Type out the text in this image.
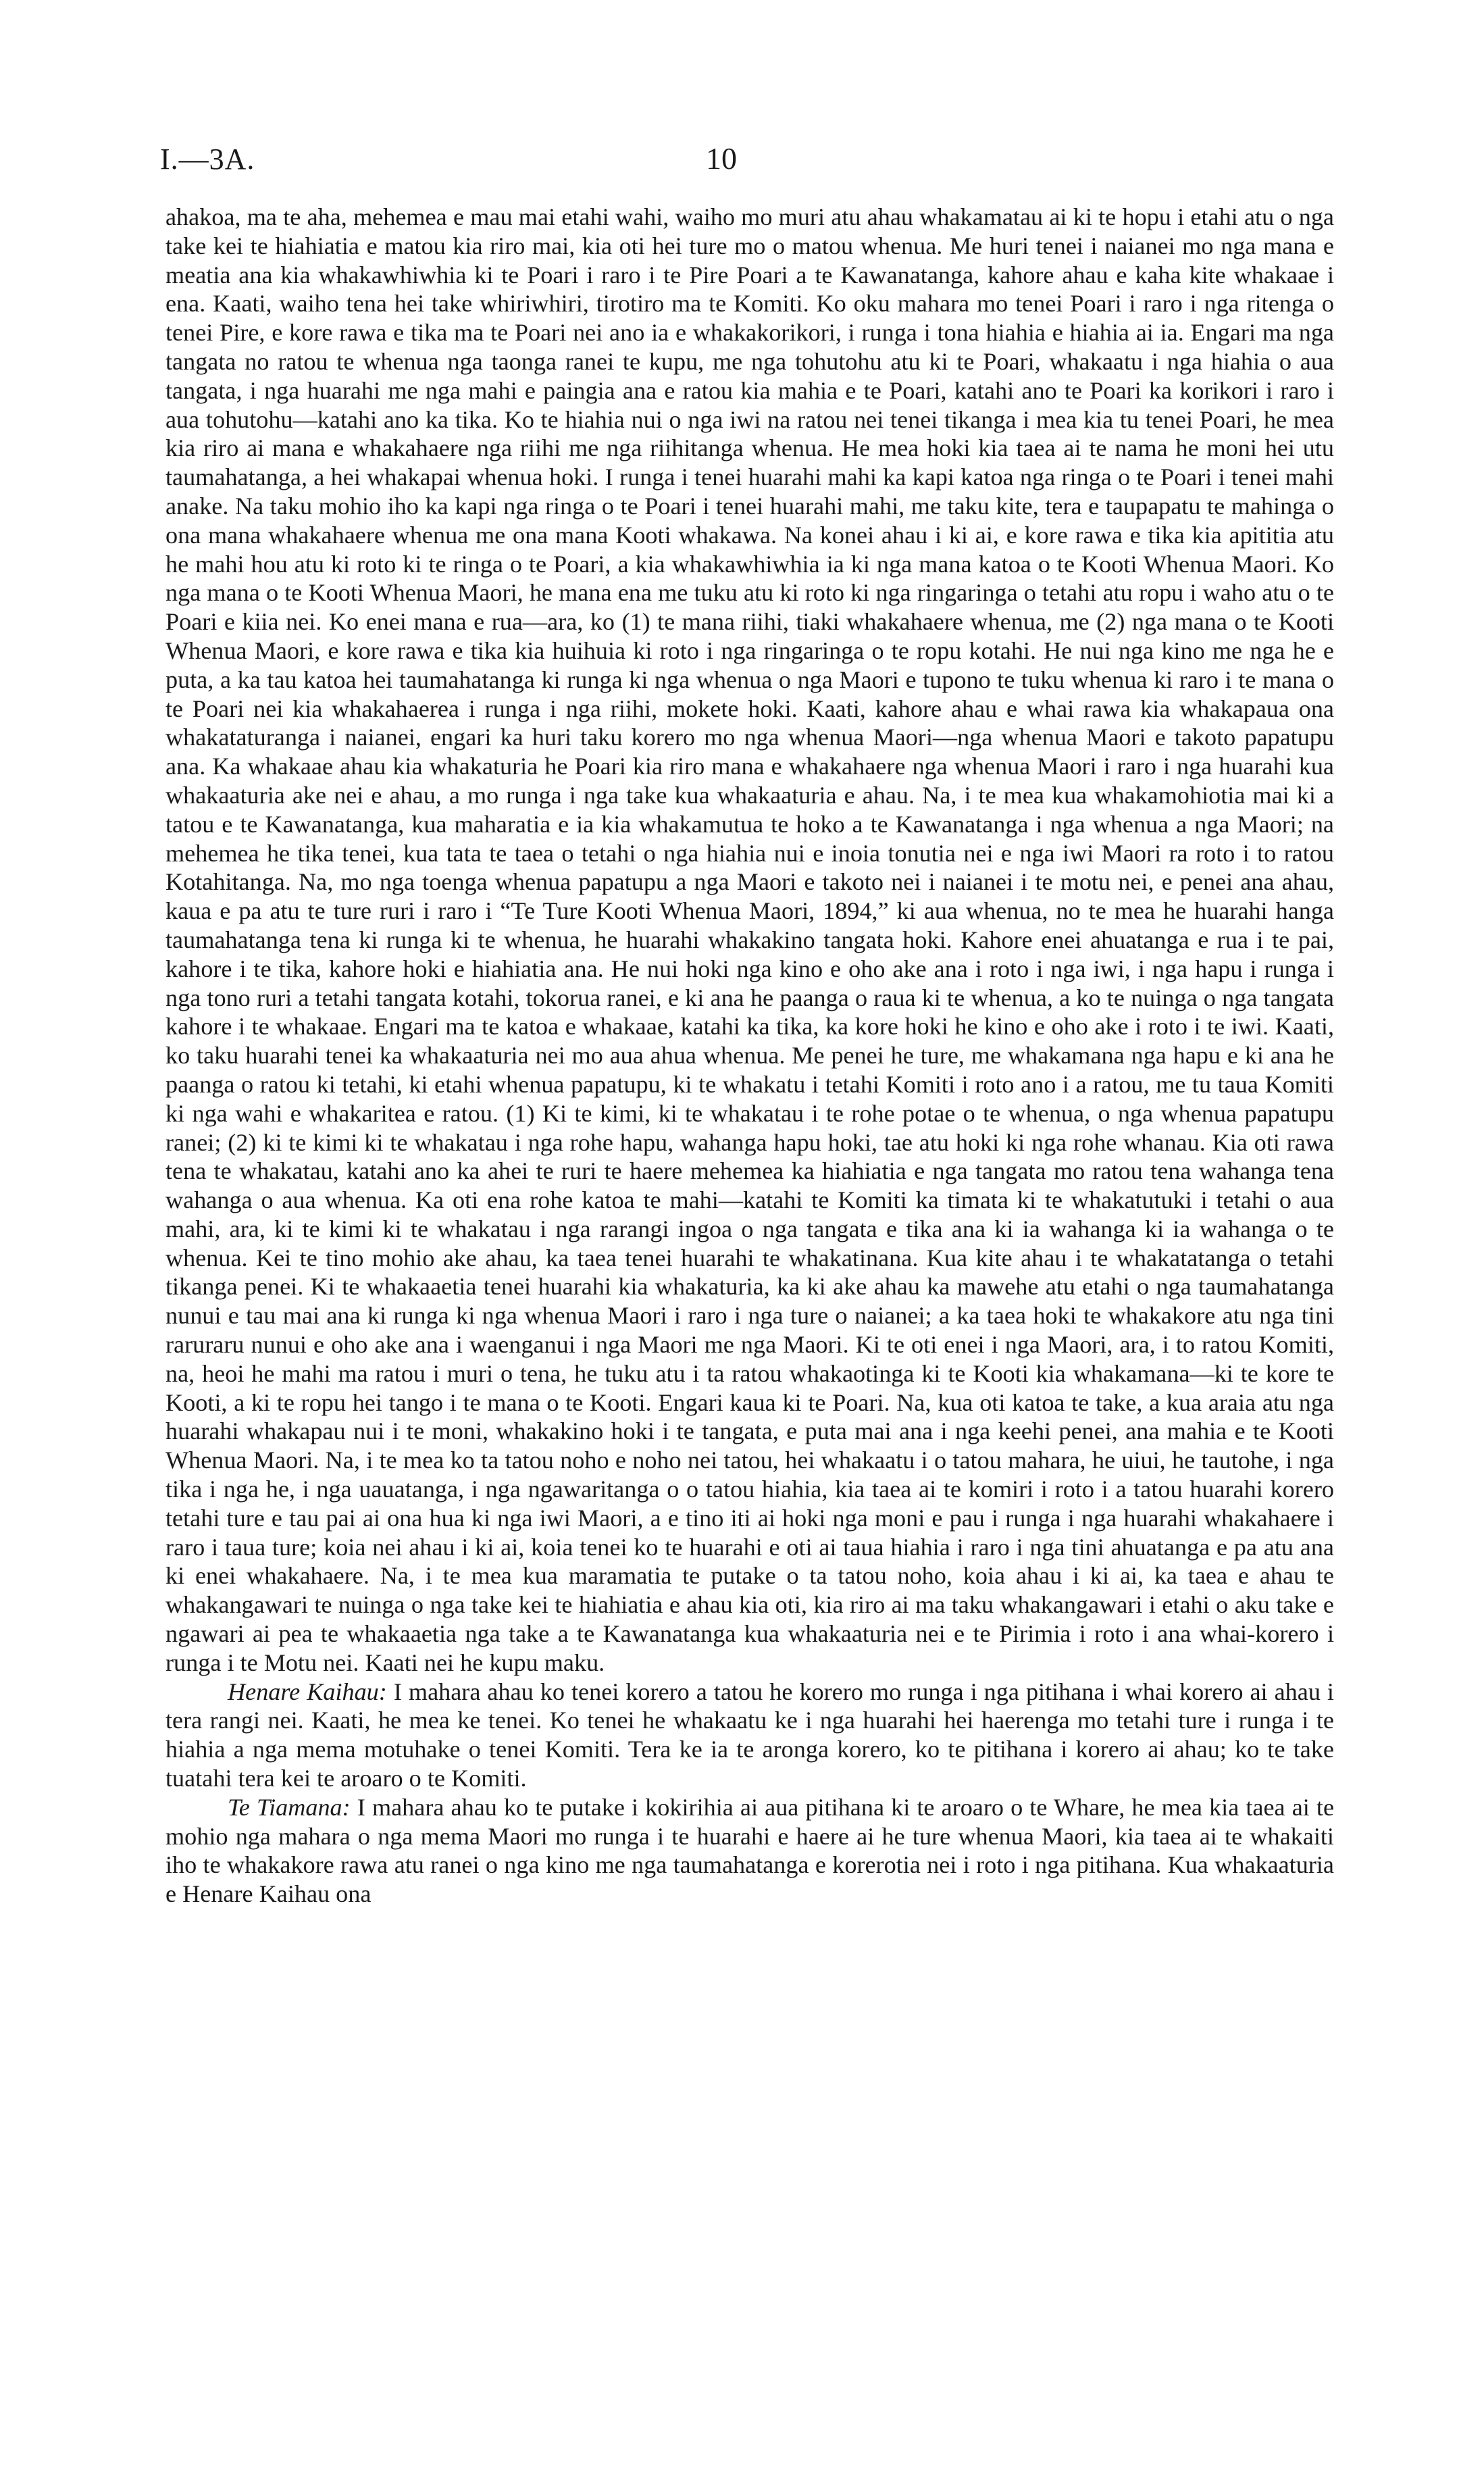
I.—3A.	10

ahakoa, ma te aha, mehemea e mau mai etahi wahi, waiho mo muri atu ahau whakamatau ai ki te hopu i etahi atu o nga take kei te hiahiatia e matou kia riro mai, kia oti hei ture mo o matou whenua. Me huri tenei i naianei mo nga mana e meatia ana kia whakawhiwhia ki te Poari i raro i te Pire Poari a te Kawanatanga, kahore ahau e kaha kite whakaae i ena. Kaati, waiho tena hei take whiriwhiri, tirotiro ma te Komiti. Ko oku mahara mo tenei Poari i raro i nga ritenga o tenei Pire, e kore rawa e tika ma te Poari nei ano ia e whakakorikori, i runga i tona hiahia e hiahia ai ia. Engari ma nga tangata no ratou te whenua nga taonga ranei te kupu, me nga tohutohu atu ki te Poari, whakaatu i nga hiahia o aua tangata, i nga huarahi me nga mahi e paingia ana e ratou kia mahia e te Poari, katahi ano te Poari ka korikori i raro i aua tohutohu—katahi ano ka tika. Ko te hiahia nui o nga iwi na ratou nei tenei tikanga i mea kia tu tenei Poari, he mea kia riro ai mana e whakahaere nga riihi me nga riihitanga whenua. He mea hoki kia taea ai te nama he moni hei utu taumahatanga, a hei whakapai whenua hoki. I runga i tenei huarahi mahi ka kapi katoa nga ringa o te Poari i tenei mahi anake. Na taku mohio iho ka kapi nga ringa o te Poari i tenei huarahi mahi, me taku kite, tera e taupapatu te mahinga o ona mana whakahaere whenua me ona mana Kooti whakawa. Na konei ahau i ki ai, e kore rawa e tika kia apititia atu he mahi hou atu ki roto ki te ringa o te Poari, a kia whakawhiwhia ia ki nga mana katoa o te Kooti Whenua Maori. Ko nga mana o te Kooti Whenua Maori, he mana ena me tuku atu ki roto ki nga ringaringa o tetahi atu ropu i waho atu o te Poari e kiia nei. Ko enei mana e rua—ara, ko (1) te mana riihi, tiaki whakahaere whenua, me (2) nga mana o te Kooti Whenua Maori, e kore rawa e tika kia huihuia ki roto i nga ringaringa o te ropu kotahi. He nui nga kino me nga he e puta, a ka tau katoa hei taumahatanga ki runga ki nga whenua o nga Maori e tupono te tuku whenua ki raro i te mana o te Poari nei kia whakahaerea i runga i nga riihi, mokete hoki. Kaati, kahore ahau e whai rawa kia whakapaua ona whakataturanga i naianei, engari ka huri taku korero mo nga whenua Maori—nga whenua Maori e takoto papatupu ana. Ka whakaae ahau kia whakaturia he Poari kia riro mana e whakahaere nga whenua Maori i raro i nga huarahi kua whakaaturia ake nei e ahau, a mo runga i nga take kua whakaaturia e ahau. Na, i te mea kua whakamohiotia mai ki a tatou e te Kawanatanga, kua maharatia e ia kia whakamutua te hoko a te Kawanatanga i nga whenua a nga Maori; na mehemea he tika tenei, kua tata te taea o tetahi o nga hiahia nui e inoia tonutia nei e nga iwi Maori ra roto i to ratou Kotahitanga. Na, mo nga toenga whenua papatupu a nga Maori e takoto nei i naianei i te motu nei, e penei ana ahau, kaua e pa atu te ture ruri i raro i “Te Ture Kooti Whenua Maori, 1894,” ki aua whenua, no te mea he huarahi hanga taumahatanga tena ki runga ki te whenua, he huarahi whakakino tangata hoki. Kahore enei ahuatanga e rua i te pai, kahore i te tika, kahore hoki e hiahiatia ana. He nui hoki nga kino e oho ake ana i roto i nga iwi, i nga hapu i runga i nga tono ruri a tetahi tangata kotahi, tokorua ranei, e ki ana he paanga o raua ki te whenua, a ko te nuinga o nga tangata kahore i te whakaae. Engari ma te katoa e whakaae, katahi ka tika, ka kore hoki he kino e oho ake i roto i te iwi. Kaati, ko taku huarahi tenei ka whakaaturia nei mo aua ahua whenua. Me penei he ture, me whakamana nga hapu e ki ana he paanga o ratou ki tetahi, ki etahi whenua papatupu, ki te whakatu i tetahi Komiti i roto ano i a ratou, me tu taua Komiti ki nga wahi e whakaritea e ratou. (1) Ki te kimi, ki te whakatau i te rohe potae o te whenua, o nga whenua papatupu ranei; (2) ki te kimi ki te whakatau i nga rohe hapu, wahanga hapu hoki, tae atu hoki ki nga rohe whanau. Kia oti rawa tena te whakatau, katahi ano ka ahei te ruri te haere mehemea ka hiahiatia e nga tangata mo ratou tena wahanga tena wahanga o aua whenua. Ka oti ena rohe katoa te mahi—katahi te Komiti ka timata ki te whakatutuki i tetahi o aua mahi, ara, ki te kimi ki te whakatau i nga rarangi ingoa o nga tangata e tika ana ki ia wahanga ki ia wahanga o te whenua. Kei te tino mohio ake ahau, ka taea tenei huarahi te whakatinana. Kua kite ahau i te whakatatanga o tetahi tikanga penei. Ki te whakaaetia tenei huarahi kia whakaturia, ka ki ake ahau ka mawehe atu etahi o nga taumahatanga nunui e tau mai ana ki runga ki nga whenua Maori i raro i nga ture o naianei; a ka taea hoki te whakakore atu nga tini raruraru nunui e oho ake ana i waenganui i nga Maori me nga Maori. Ki te oti enei i nga Maori, ara, i to ratou Komiti, na, heoi he mahi ma ratou i muri o tena, he tuku atu i ta ratou whakaotinga ki te Kooti kia whakamana—ki te kore te Kooti, a ki te ropu hei tango i te mana o te Kooti. Engari kaua ki te Poari. Na, kua oti katoa te take, a kua araia atu nga huarahi whakapau nui i te moni, whakakino hoki i te tangata, e puta mai ana i nga keehi penei, ana mahia e te Kooti Whenua Maori. Na, i te mea ko ta tatou noho e noho nei tatou, hei whakaatu i o tatou mahara, he uiui, he tautohe, i nga tika i nga he, i nga uauatanga, i nga ngawaritanga o o tatou hiahia, kia taea ai te komiri i roto i a tatou huarahi korero tetahi ture e tau pai ai ona hua ki nga iwi Maori, a e tino iti ai hoki nga moni e pau i runga i nga huarahi whakahaere i raro i taua ture; koia nei ahau i ki ai, koia tenei ko te huarahi e oti ai taua hiahia i raro i nga tini ahuatanga e pa atu ana ki enei whakahaere. Na, i te mea kua maramatia te putake o ta tatou noho, koia ahau i ki ai, ka taea e ahau te whakangawari te nuinga o nga take kei te hiahiatia e ahau kia oti, kia riro ai ma taku whakangawari i etahi o aku take e ngawari ai pea te whakaaetia nga take a te Kawanatanga kua whakaaturia nei e te Pirimia i roto i ana whai-korero i runga i te Motu nei. Kaati nei he kupu maku.

Henare Kaihau: I mahara ahau ko tenei korero a tatou he korero mo runga i nga pitihana i whai korero ai ahau i tera rangi nei. Kaati, he mea ke tenei. Ko tenei he whakaatu ke i nga huarahi hei haerenga mo tetahi ture i runga i te hiahia a nga mema motuhake o tenei Komiti. Tera ke ia te aronga korero, ko te pitihana i korero ai ahau; ko te take tuatahi tera kei te aroaro o te Komiti.

Te Tiamana: I mahara ahau ko te putake i kokirihia ai aua pitihana ki te aroaro o te Whare, he mea kia taea ai te mohio nga mahara o nga mema Maori mo runga i te huarahi e haere ai he ture whenua Maori, kia taea ai te whakaiti iho te whakakore rawa atu ranei o nga kino me nga taumahatanga e korerotia nei i roto i nga pitihana. Kua whakaaturia e Henare Kaihau ona
